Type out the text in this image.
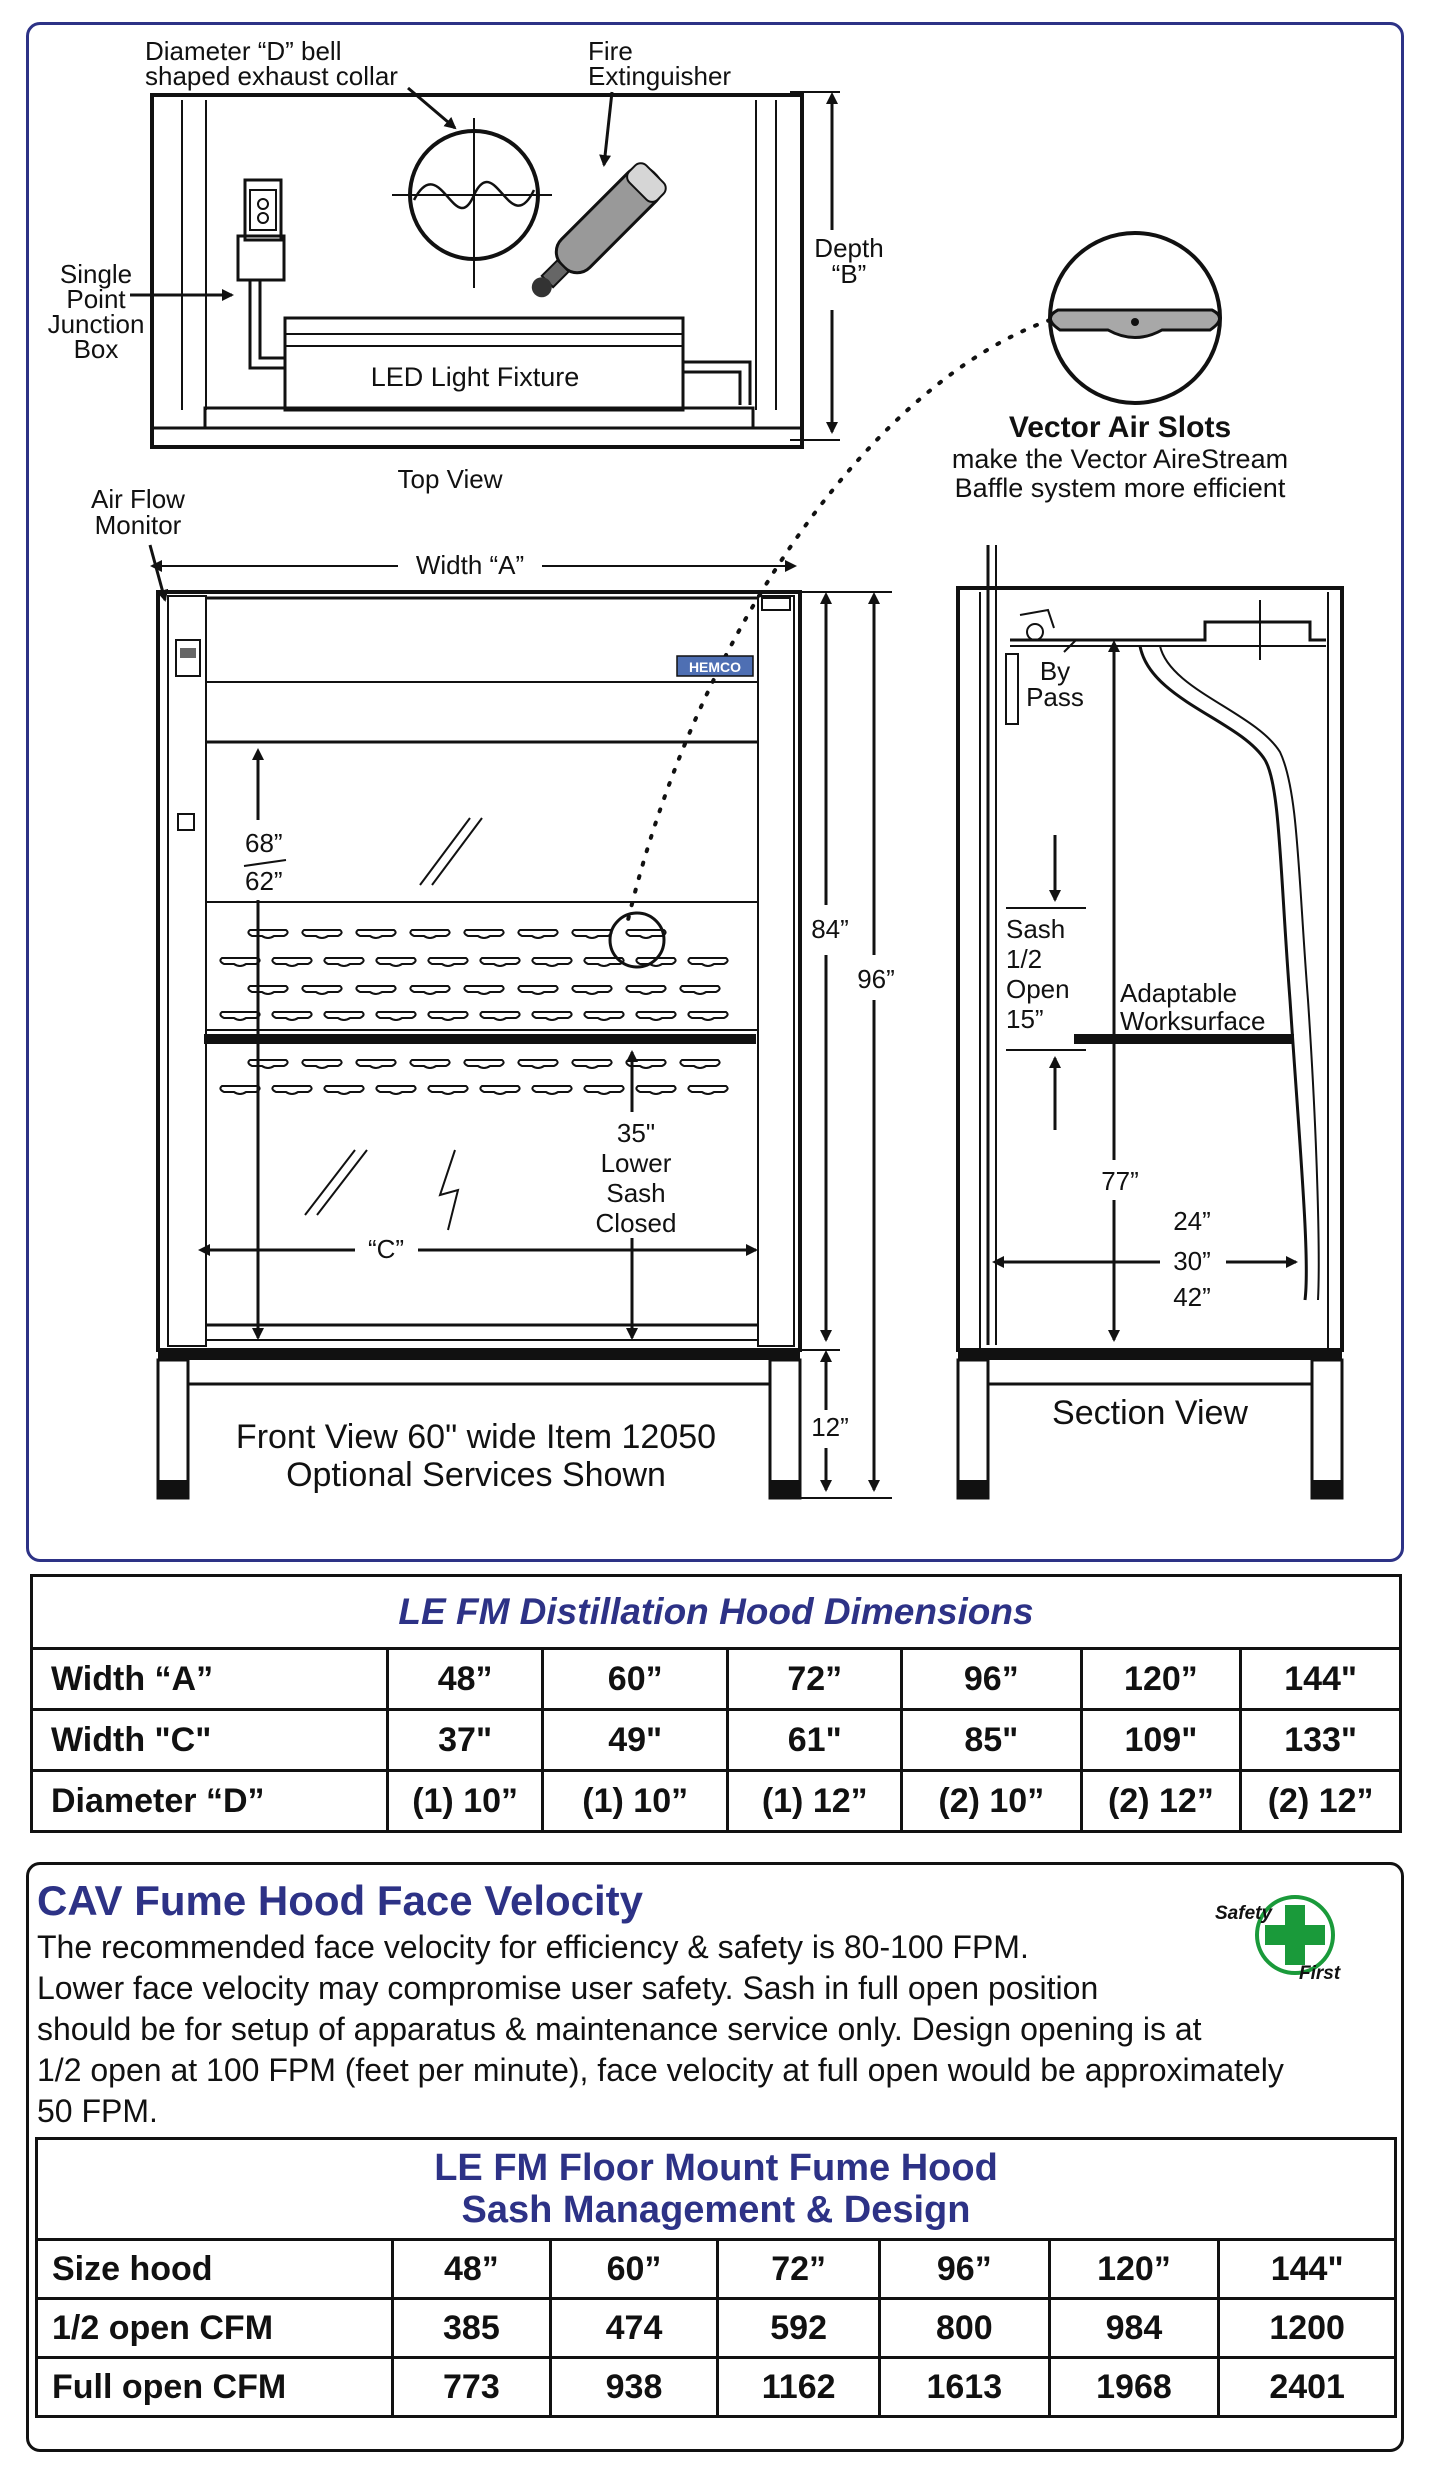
LED Light Fixture
Diameter “D” bell
shaped exhaust collar
Fire
Extinguisher
Single
Point
Junction
Box
Depth
“B”
Top View
Vector Air Slots
make the Vector AireStream
Baffle system more efficient
HEMCO
Width “A”
Air Flow
Monitor
68”
62”
35"
Lower
Sash
Closed
“C”
Front View 60" wide Item 12050
Optional Services Shown
84”
12”
96”
By
Pass
Sash
1/2
Open
15”
Adaptable
Worksurface
77”
24”
30”
42”
Section View
LE FM Distillation Hood Dimensions						
Width “A”	48”	60”	72”	96”	120”	144"
Width "C"	37"	49"	61"	85"	109"	133"
Diameter “D”	(1) 10”	(1) 10”	(1) 12”	(2) 10”	(2) 12”	(2) 12”
CAV Fume Hood Face Velocity
The recommended face velocity for efficiency & safety is 80-100 FPM.
Lower face velocity may compromise user safety. Sash in full open position
should be for setup of apparatus & maintenance service only. Design opening is at
1/2 open at 100 FPM (feet per minute), face velocity at full open would be approximately
50 FPM.
Safety
First
LE FM Floor Mount Fume Hood
Sash Management & Design						

Size hood	48”	60”	72”	96”	120”	144"
1/2 open CFM	385	474	592	800	984	1200
Full open CFM	773	938	1162	1613	1968	2401
